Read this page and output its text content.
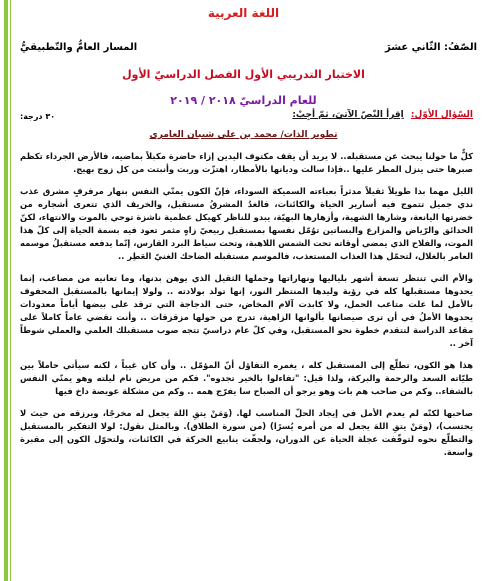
اللغة العربية
الصّفُ: الثّاني عشرَ
المسار العامُّ والتّطبيقيُّ
الاختبار التدريبي الأول الفصل الدراسيّ الأول
للعام الدراسيّ ٢٠١٨ / ٢٠١٩
السّؤال الأوّل: اِقرأ النّصّ الآتيَ، ثمّ أجِبْ:
٣٠ درجة:
تطوير الذات/ محمد بن علي شيبان العامري

كلٌّ ما حولنا يبحث عن مستقبله.. لا يريد أن يقف مكتوف اليدين إزاء حاضرة مكبلاً بماضيه، فالأرض الجرداء تكظم صبرها حتى ينزل المطر عليها ..فإذا سالت وديانها بالأمطار، اهتزّت وربت وأنبتت من كل زوج بهيج.

الليل مهما بدا طويلاً ثقيلاً مدثراً بعباءته السميكة السوداء، فإنّ الكون يمنّي النفس بنهار مرفرفٍ مشرق عذب ندي جميل تتموج فيه أسارير الحياة والكائنات، فالغدُ المشرقُ مستقبل، والخريف الذي تتعرى أشجاره من خضرتها اليانعة، وشارها الشهية، وأزهارها البهيّة، يبدو للناظر كهيكل عظمية ناشزة توحي بالموت والانتهاء، لكنّ الحدائق والرّياض والمزارع والبساتين توُمّل نفسها بمستقبل ربيعيّ زاهٍ مثمر تعود فيه بسمة الحياة إلى كلّ هذا الموت، والفلاح الذي يمضي أوقاته تحت الشمس اللاهبة، وتحت سياط البرد القارس، إنّما يدفعه مستقبلُ موسمه العامر بالغلال، لتحمّل هذا العذاب المستعذب، فالموسم مستقبله الضاحك الغنيّ العَطِر ..

والأم التي تنتظر تسعة أشهر بلياليها ونهاراتها وحملها الثقيل الذي يوهن بدنها، وما تعانيه من مصاعب، إنما يحدوها مستقبلها كله في رؤية وليدها المنتظر النور، إنها تولد بولادته .. ولولا إيمانها بالمستقبل المحفوف بالأمل لما علت متاعب الحمل، ولا كابدت آلام المخاض، حتى الدجاجة التي ترقد على بيضها أياماً معدودات يحدوها الأملُ في أن ترى صيصانها بألوانها الزاهية، تدرج من حولها مزقزقات .. وأنت تقضي عاماً كاملاً على مقاعد الدراسة لتتقدم خطوة نحو المستقبل، وفي كلّ عام دراسيّ تتجه صوب مستقبلك العلمي والعملي شوطاً آخر ..

هذا هو الكون، تطلّع إلى المستقبل كله ، يغمره التفاؤل أنّ المؤمّل .. وأن كان غيباً ، لكنه سيأتي حاملاً بين طيّاته السعد والرحمة والبركة، ولذا قيل: "تفاءلوا بالخير تجدوه". فكم من مريض نام ليلته وهو يمنّي النفس بالشفاء.. وكم من صاحب هم بات وهو يرجو أن الصباح سا يفرّج همه .. وكم من مشكلة عويصة داخ فيها

صاحبها لكنّه لم يعدم الأمل في إيجاد الحلّ المناسب لها. (وَمَنْ يتقِ اللهَ يجعل له مخرجًا، ويرزقه من حيث لا يحتسب)، (ومَنْ يتقِ اللهَ يجعل له من أمره يُسرًا) (من سورة الطلاق). وبالمثل نقول: لولا التفكير بالمستقبل والتطلّع نحوه لتوقّفت عجلة الحياة عن الدوران، ولجفّت ينابيع الحركة في الكائنات، ولتحوّل الكون إلى مقبرة واسعة.
